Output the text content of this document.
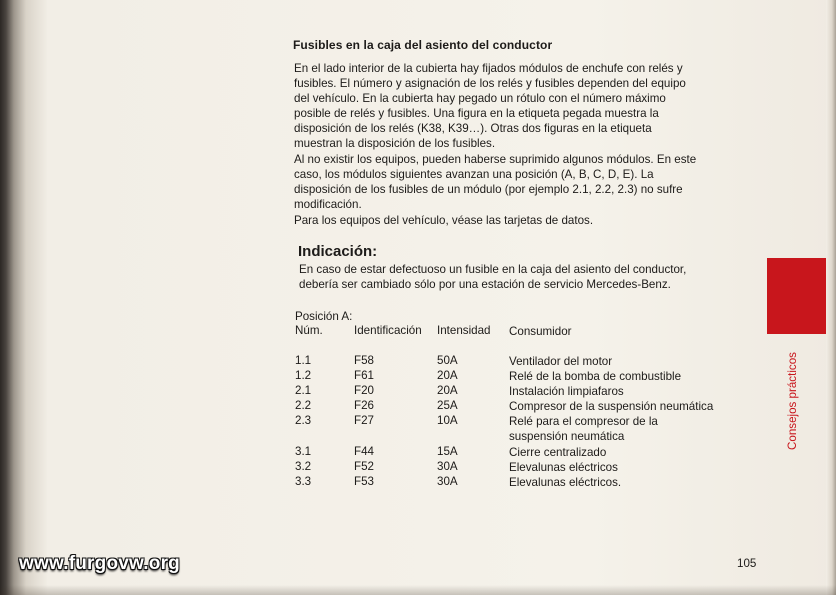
Fusibles en la caja del asiento del conductor

En el lado interior de la cubierta hay fijados módulos de enchufe con relés y
fusibles. El número y asignación de los relés y fusibles dependen del equipo
del vehículo. En la cubierta hay pegado un rótulo con el número máximo
posible de relés y fusibles. Una figura en la etiqueta pegada muestra la
disposición de los relés (K38, K39…). Otras dos figuras en la etiqueta
muestran la disposición de los fusibles.

Al no existir los equipos, pueden haberse suprimido algunos módulos. En este
caso, los módulos siguientes avanzan una posición (A, B, C, D, E). La
disposición de los fusibles de un módulo (por ejemplo 2.1, 2.2, 2.3) no sufre
modificación.

Para los equipos del vehículo, véase las tarjetas de datos.

Indicación:

En caso de estar defectuoso un fusible en la caja del asiento del conductor,
debería ser cambiado sólo por una estación de servicio Mercedes-Benz.

Posición A:
Núm.	Identificación Intensidad Consumidor
1.1	F58	50A	Ventilador del motor
1.2	F61	20A	Relé de la bomba de combustible
2.1	F20	20A	Instalación limpiafaros
2.2	F26	25A	Compresor de la suspensión neumática
2.3	F27	10A	Relé para el compresor de la
suspensión neumática
3.1	F44	15A	Cierre centralizado
3.2	F52	30A	Elevalunas eléctricos
3.3	F53	30A	Elevalunas eléctricos.
Consejos prácticos
105
www.furgovw.org
